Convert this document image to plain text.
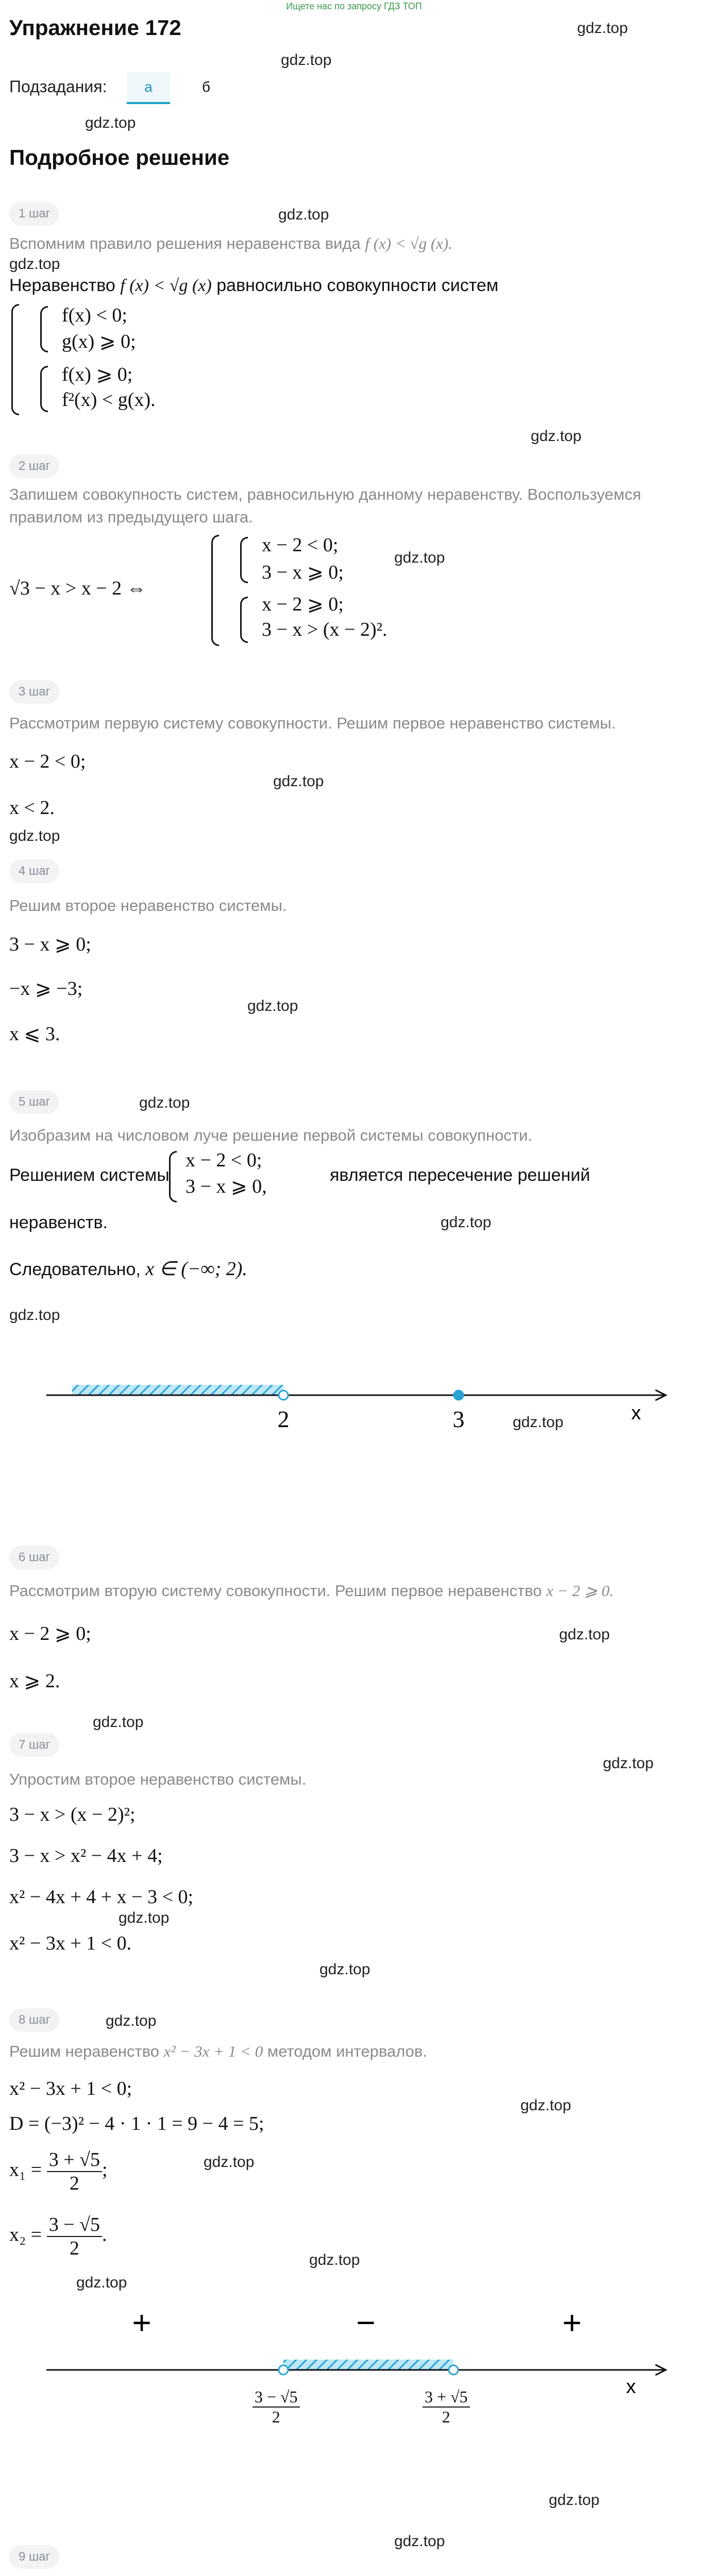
Ищете нас по запросу ГДЗ ТОП
Упражнение 172	gdz.top
gdz.top
Подзадания:	а	б
gdz.top
Подробное решение
1 шаг	gdz.top
Вспомним правило решения неравенства вида f (x) < √g (x).
gdz.top
Неравенство f (x) < √g (x) равносильно совокупности систем
f(x) < 0;
g(x) ⩾ 0;
f(x) ⩾ 0;
f²(x) < g(x).
gdz.top
2 шаг
Запишем совокупность систем, равносильную данному неравенству. Воспользуемся правилом из предыдущего шага.
√3 − x > x − 2 ⇔
x − 2 < 0;
3 − x ⩾ 0;
x − 2 ⩾ 0;
3 − x > (x − 2)².
gdz.top
3 шаг
Рассмотрим первую систему совокупности. Решим первое неравенство системы.
x − 2 < 0;
gdz.top
x < 2.
gdz.top
4 шаг
Решим второе неравенство системы.
3 − x ⩾ 0;
−x ⩾ −3;
gdz.top
x ⩽ 3.
5 шаг	gdz.top
Изобразим на числовом луче решение первой системы совокупности.
Решением системы
x − 2 < 0;
3 − x ⩾ 0,
является пересечение решений
неравенств.	gdz.top
Следовательно, x ∈ (−∞; 2).
gdz.top
2	3	x
gdz.top
6 шаг
Рассмотрим вторую систему совокупности. Решим первое неравенство x − 2 ⩾ 0.
x − 2 ⩾ 0;	gdz.top
x ⩾ 2.
gdz.top
7 шаг
gdz.top
Упростим второе неравенство системы.
3 − x > (x − 2)²;
3 − x > x² − 4x + 4;
x² − 4x + 4 + x − 3 < 0;
gdz.top
x² − 3x + 1 < 0.
gdz.top
8 шаг	gdz.top
Решим неравенство x² − 3x + 1 < 0 методом интервалов.
gdz.top
x² − 3x + 1 < 0;
D = (−3)² − 4 · 1 · 1 = 9 − 4 = 5;
$x_1 = \frac{3 + √5}{2}$ ;	gdz.top
$x_2 = \frac{3 - √5}{2}$ .
gdz.top
gdz.top
+	−	+
x
$\frac{3 - √5}{2}$	$\frac{3 + √5}{2}$
gdz.top
gdz.top
9 шаг
